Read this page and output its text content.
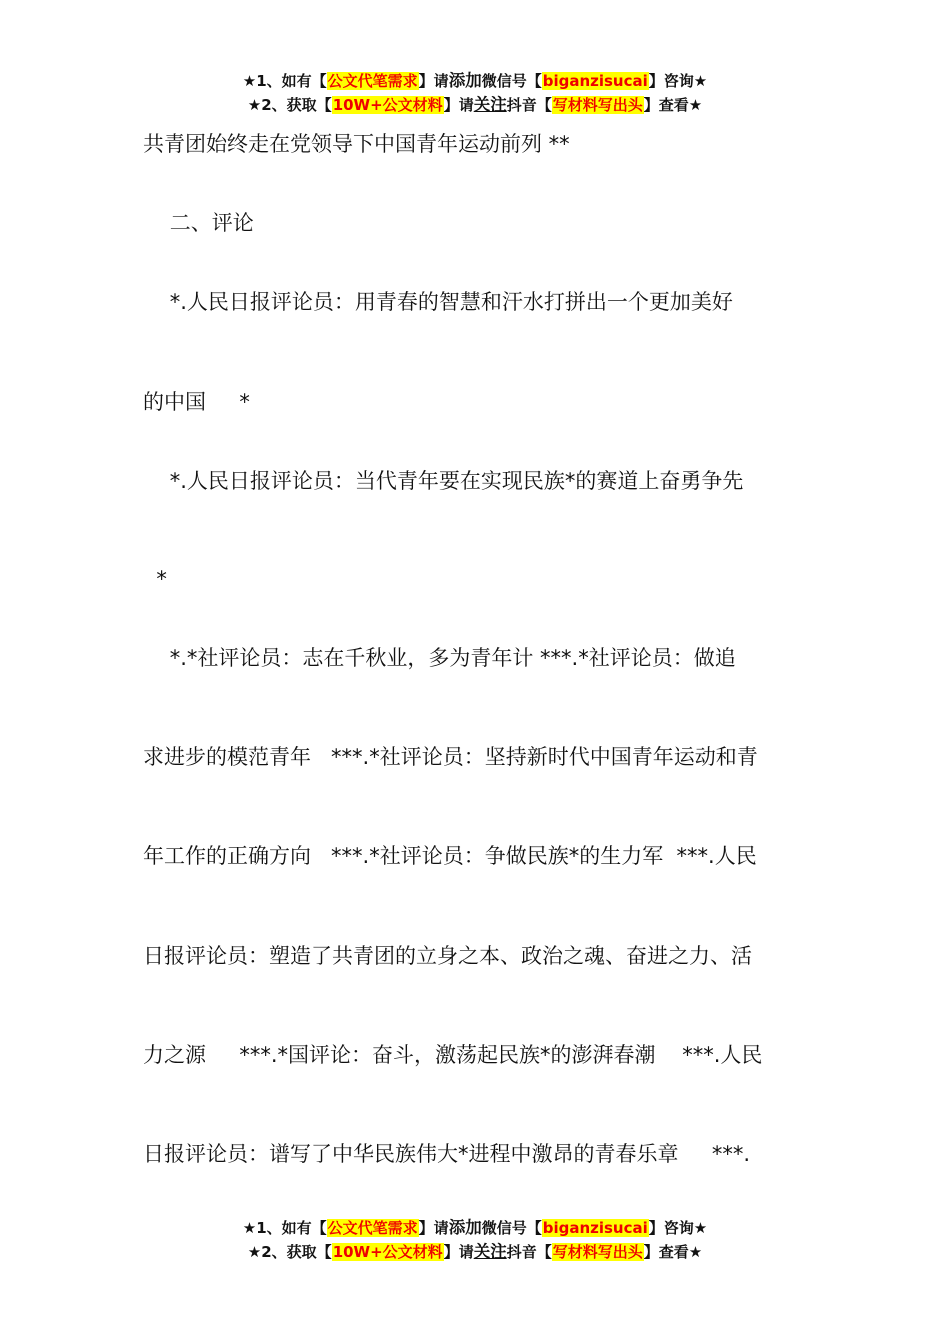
★1、如有【公文代笔需求】请添加微信号【biganzisucai】咨询★
★2、获取【10W+公文材料】请关注抖音【写材料写出头】查看★
共青团始终走在党领导下中国青年运动前列 **
二、评论
*.人民日报评论员：用青春的智慧和汗水打拼出一个更加美好
的中国     *
*.人民日报评论员：当代青年要在实现民族*的赛道上奋勇争先
*
*.*社评论员：志在千秋业，多为青年计 ***.*社评论员：做追
求进步的模范青年   ***.*社评论员：坚持新时代中国青年运动和青
年工作的正确方向   ***.*社评论员：争做民族*的生力军  ***.人民
日报评论员：塑造了共青团的立身之本、政治之魂、奋进之力、活
力之源     ***.*国评论：奋斗，激荡起民族*的澎湃春潮    ***.人民
日报评论员：谱写了中华民族伟大*进程中激昂的青春乐章     ***.
★1、如有【公文代笔需求】请添加微信号【biganzisucai】咨询★
★2、获取【10W+公文材料】请关注抖音【写材料写出头】查看★
